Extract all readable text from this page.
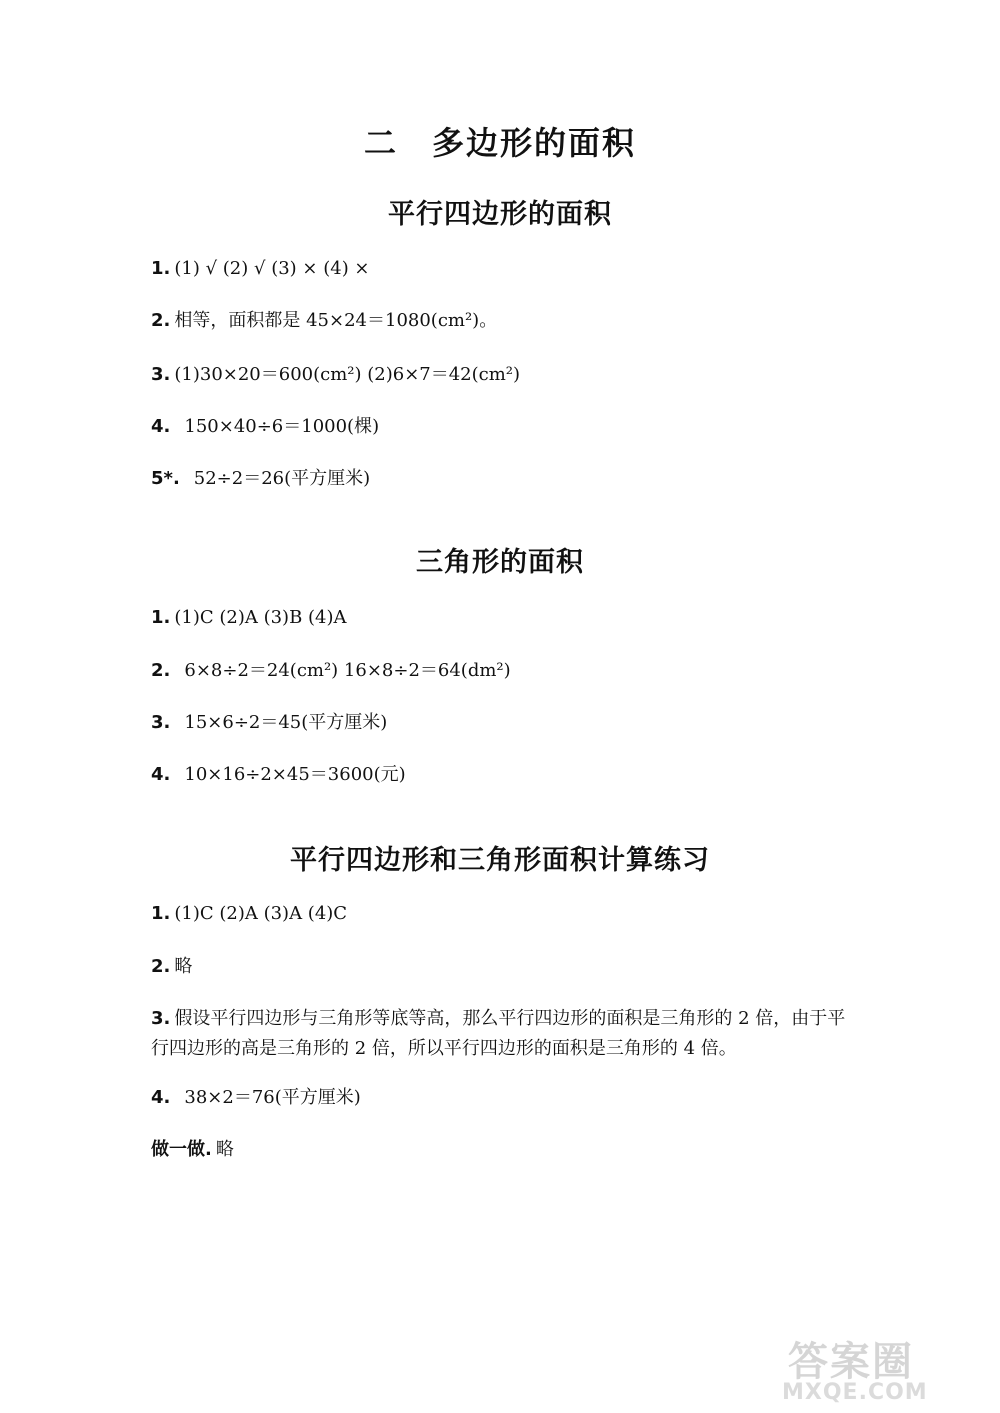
二 多边形的面积
平行四边形的面积
1. (1) √ (2) √ (3) × (4) ×
2. 相等，面积都是 45×24＝1080(cm²)。
3. (1)30×20＝600(cm²) (2)6×7＝42(cm²)
4. 150×40÷6＝1000(棵)
5*. 52÷2＝26(平方厘米)
三角形的面积
1. (1)C (2)A (3)B (4)A
2. 6×8÷2＝24(cm²) 16×8÷2＝64(dm²)
3. 15×6÷2＝45(平方厘米)
4. 10×16÷2×45＝3600(元)
平行四边形和三角形面积计算练习
1. (1)C (2)A (3)A (4)C
2. 略
3. 假设平行四边形与三角形等底等高，那么平行四边形的面积是三角形的 2 倍，由于平行四边形的高是三角形的 2 倍，所以平行四边形的面积是三角形的 4 倍。
4. 38×2＝76(平方厘米)
做一做. 略
答案圈
MXQE.COM
